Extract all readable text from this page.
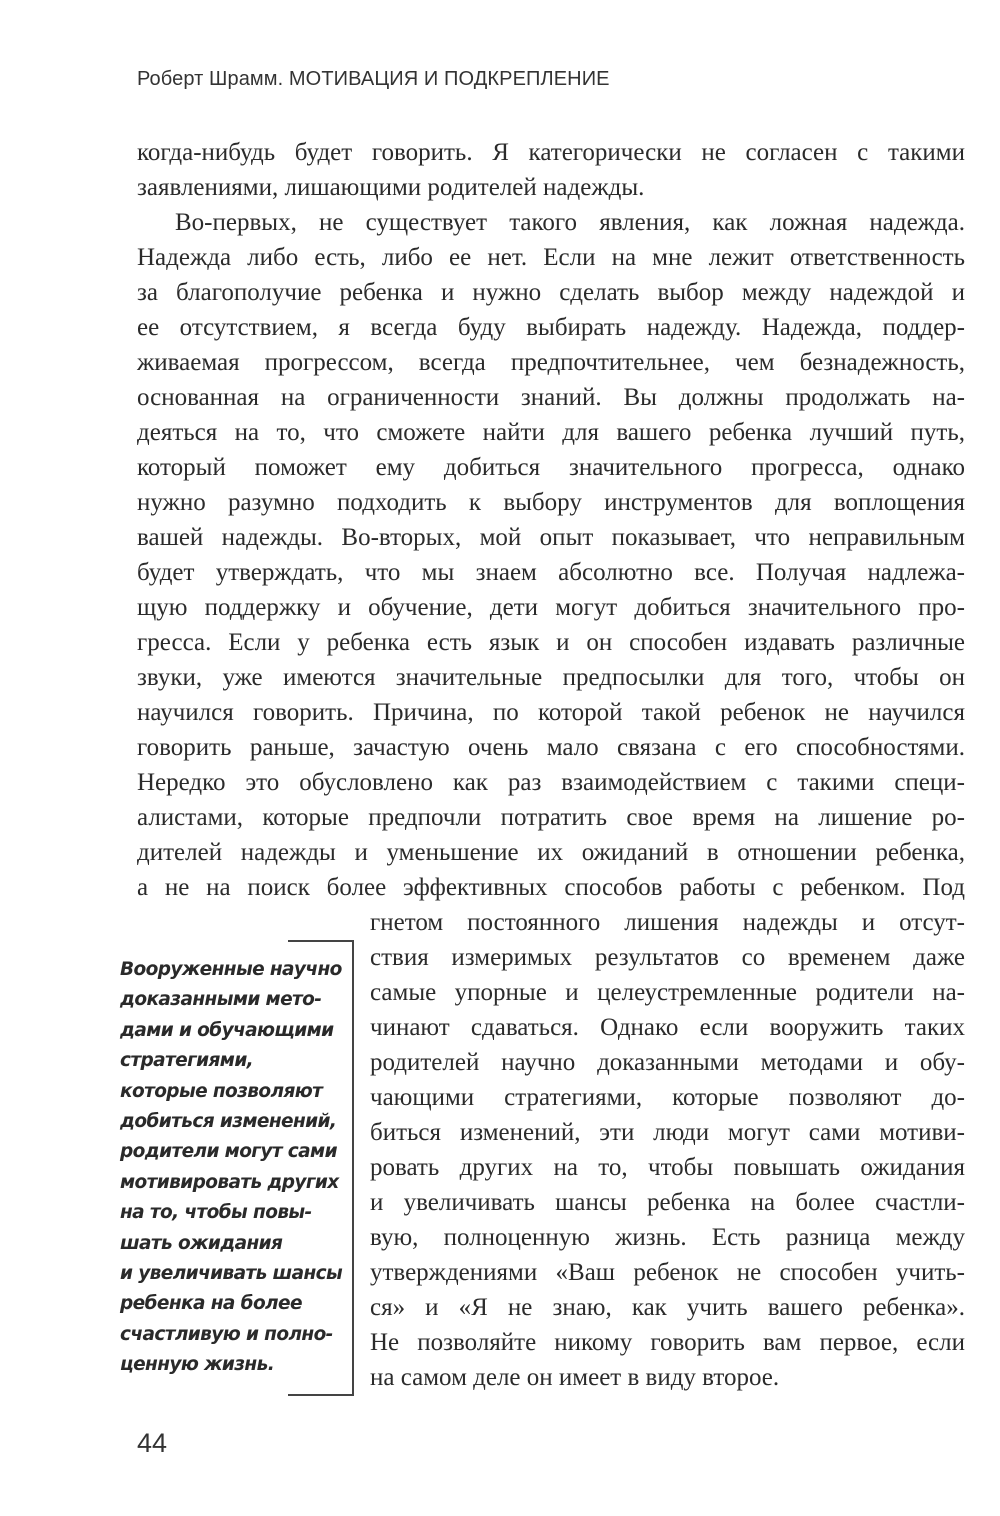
Роберт Шрамм. МОТИВАЦИЯ И ПОДКРЕПЛЕНИЕ
когда-нибудь будет говорить. Я категорически не согласен с такими
заявлениями, лишающими родителей надежды.
Во-первых, не существует такого явления, как ложная надежда.
Надежда либо есть, либо ее нет. Если на мне лежит ответственность
за благополучие ребенка и нужно сделать выбор между надеждой и
ее отсутствием, я всегда буду выбирать надежду. Надежда, поддер-
живаемая прогрессом, всегда предпочтительнее, чем безнадежность,
основанная на ограниченности знаний. Вы должны продолжать на-
деяться на то, что сможете найти для вашего ребенка лучший путь,
который поможет ему добиться значительного прогресса, однако
нужно разумно подходить к выбору инструментов для воплощения
вашей надежды. Во-вторых, мой опыт показывает, что неправильным
будет утверждать, что мы знаем абсолютно все. Получая надлежа-
щую поддержку и обучение, дети могут добиться значительного про-
гресса. Если у ребенка есть язык и он способен издавать различные
звуки, уже имеются значительные предпосылки для того, чтобы он
научился говорить. Причина, по которой такой ребенок не научился
говорить раньше, зачастую очень мало связана с его способностями.
Нередко это обусловлено как раз взаимодействием с такими специ-
алистами, которые предпочли потратить свое время на лишение ро-
дителей надежды и уменьшение их ожиданий в отношении ребенка,
а не на поиск более эффективных способов работы с ребенком. Под
гнетом постоянного лишения надежды и отсут-
ствия измеримых результатов со временем даже
самые упорные и целеустремленные родители на-
чинают сдаваться. Однако если вооружить таких
родителей научно доказанными методами и обу-
чающими стратегиями, которые позволяют до-
биться изменений, эти люди могут сами мотиви-
ровать других на то, чтобы повышать ожидания
и увеличивать шансы ребенка на более счастли-
вую, полноценную жизнь. Есть разница между
утверждениями «Ваш ребенок не способен учить-
ся» и «Я не знаю, как учить вашего ребенка».
Не позволяйте никому говорить вам первое, если
на самом деле он имеет в виду второе.
Вооруженные научно
доказанными мето-
дами и обучающими
стратегиями,
которые позволяют
добиться изменений,
родители могут сами
мотивировать других
на то, чтобы повы-
шать ожидания
и увеличивать шансы
ребенка на более
счастливую и полно-
ценную жизнь.
44
